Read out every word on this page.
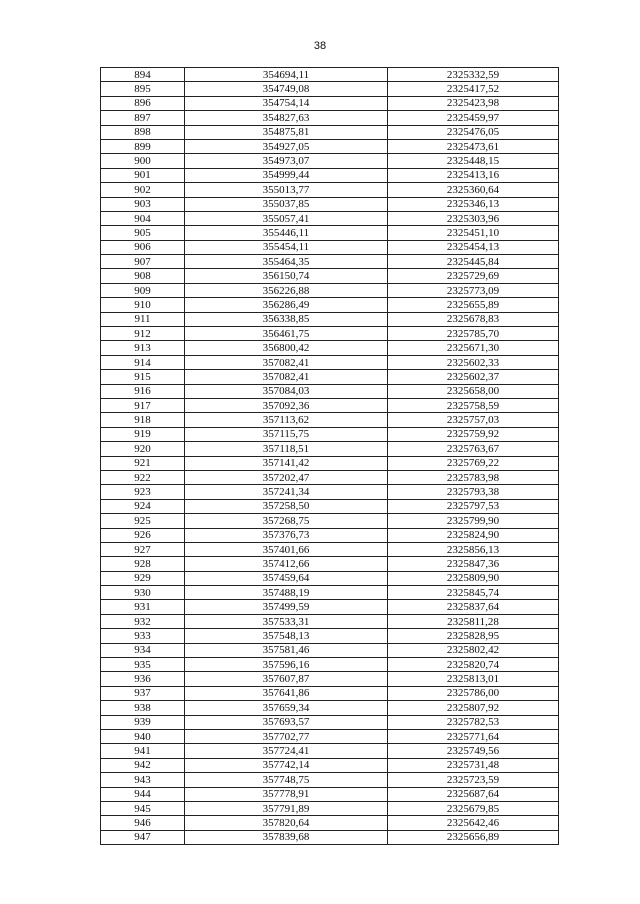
38
894	354694,11	2325332,59
895	354749,08	2325417,52
896	354754,14	2325423,98
897	354827,63	2325459,97
898	354875,81	2325476,05
899	354927,05	2325473,61
900	354973,07	2325448,15
901	354999,44	2325413,16
902	355013,77	2325360,64
903	355037,85	2325346,13
904	355057,41	2325303,96
905	355446,11	2325451,10
906	355454,11	2325454,13
907	355464,35	2325445,84
908	356150,74	2325729,69
909	356226,88	2325773,09
910	356286,49	2325655,89
911	356338,85	2325678,83
912	356461,75	2325785,70
913	356800,42	2325671,30
914	357082,41	2325602,33
915	357082,41	2325602,37
916	357084,03	2325658,00
917	357092,36	2325758,59
918	357113,62	2325757,03
919	357115,75	2325759,92
920	357118,51	2325763,67
921	357141,42	2325769,22
922	357202,47	2325783,98
923	357241,34	2325793,38
924	357258,50	2325797,53
925	357268,75	2325799,90
926	357376,73	2325824,90
927	357401,66	2325856,13
928	357412,66	2325847,36
929	357459,64	2325809,90
930	357488,19	2325845,74
931	357499,59	2325837,64
932	357533,31	2325811,28
933	357548,13	2325828,95
934	357581,46	2325802,42
935	357596,16	2325820,74
936	357607,87	2325813,01
937	357641,86	2325786,00
938	357659,34	2325807,92
939	357693,57	2325782,53
940	357702,77	2325771,64
941	357724,41	2325749,56
942	357742,14	2325731,48
943	357748,75	2325723,59
944	357778,91	2325687,64
945	357791,89	2325679,85
946	357820,64	2325642,46
947	357839,68	2325656,89
